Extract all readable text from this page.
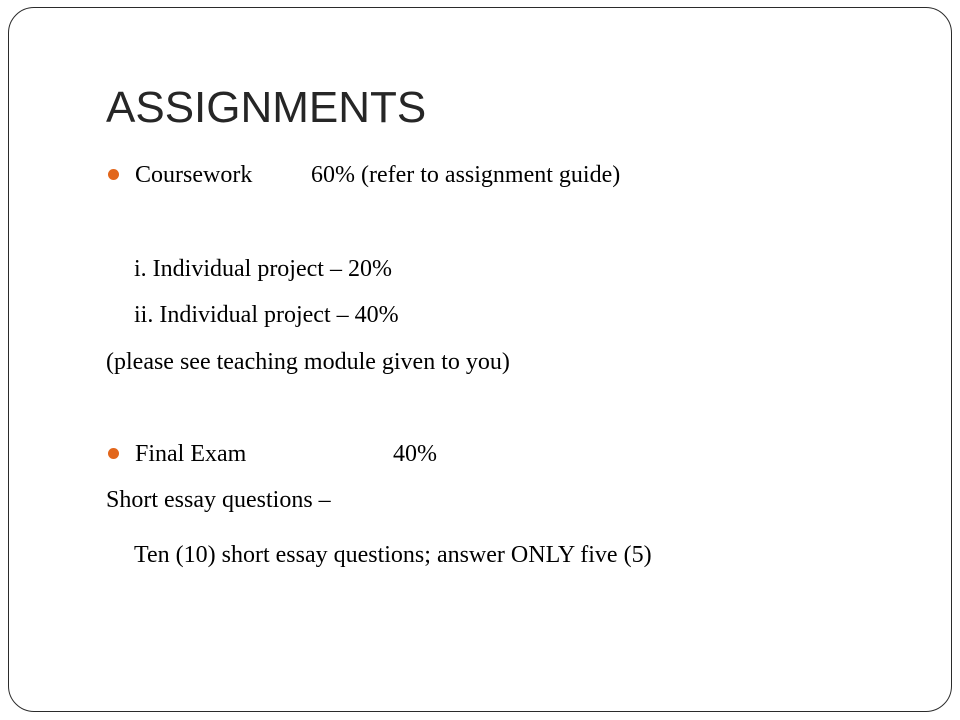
ASSIGNMENTS
Coursework 60% (refer to assignment guide)
i. Individual project – 20%
ii. Individual project – 40%
(please see teaching module given to you)
Final Exam	40%
Short essay questions –
Ten (10) short essay questions; answer ONLY five (5)
